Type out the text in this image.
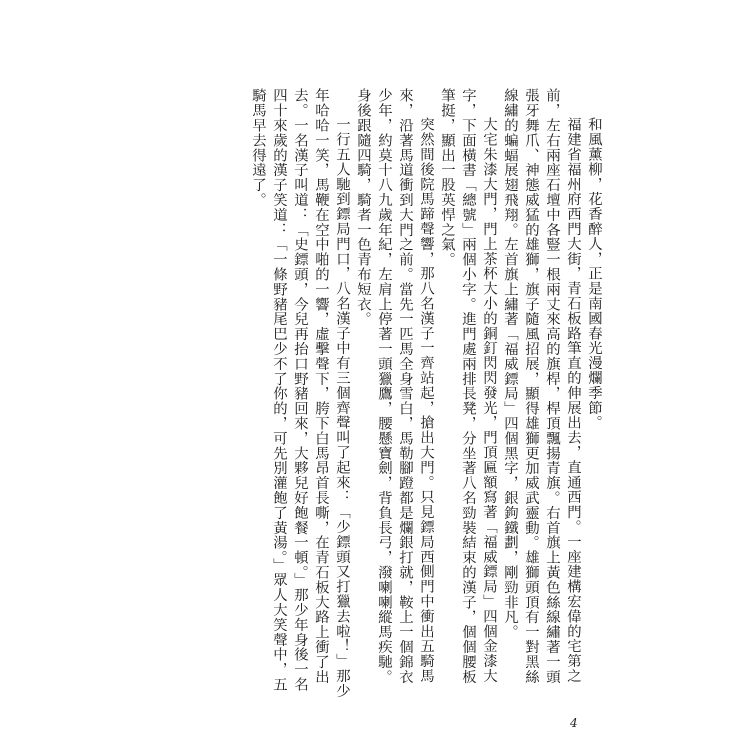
和風薰柳，花香醉人，正是南國春光漫爛季節。

福建省福州府西門大街，青石板路筆直的伸展出去，直通西門。一座建構宏偉的宅第之前，左右兩座石壇中各豎一根兩丈來高的旗桿，桿頂飄揚青旗。右首旗上黃色絲線繡著一頭張牙舞爪、神態威猛的雄獅，旗子隨風招展，顯得雄獅更加威武靈動。雄獅頭頂有一對黑絲線繡的蝙蝠展翅飛翔。左首旗上繡著「福威鏢局」四個黑字，銀鉤鐵劃，剛勁非凡。

大宅朱漆大門，門上茶杯大小的銅釘閃閃發光，門頂匾額寫著「福威鏢局」四個金漆大字，下面橫書「總號」兩個小字。進門處兩排長凳，分坐著八名勁裝結束的漢子，個個腰板筆挺，顯出一股英悍之氣。

突然間後院馬蹄聲響，那八名漢子一齊站起，搶出大門。只見鏢局西側門中衝出五騎馬來，沿著馬道衝到大門之前。當先一匹馬全身雪白，馬勒腳蹬都是爛銀打就，鞍上一個錦衣少年，約莫十八九歲年紀，左肩上停著一頭獵鷹，腰懸寶劍，背負長弓，潑喇喇縱馬疾馳。身後跟隨四騎，騎者一色青布短衣。

一行五人馳到鏢局門口，八名漢子中有三個齊聲叫了起來：「少鏢頭又打獵去啦！」那少年哈哈一笑，馬鞭在空中啪的一響，虛擊聲下，胯下白馬昂首長嘶，在青石板大路上衝了出去。一名漢子叫道：「史鏢頭，今兒再抬口野豬回來，大夥兒好飽餐一頓。」那少年身後一名四十來歲的漢子笑道：「一條野豬尾巴少不了你的，可先別灌飽了黃湯。」眾人大笑聲中，五騎馬早去得遠了。

4
